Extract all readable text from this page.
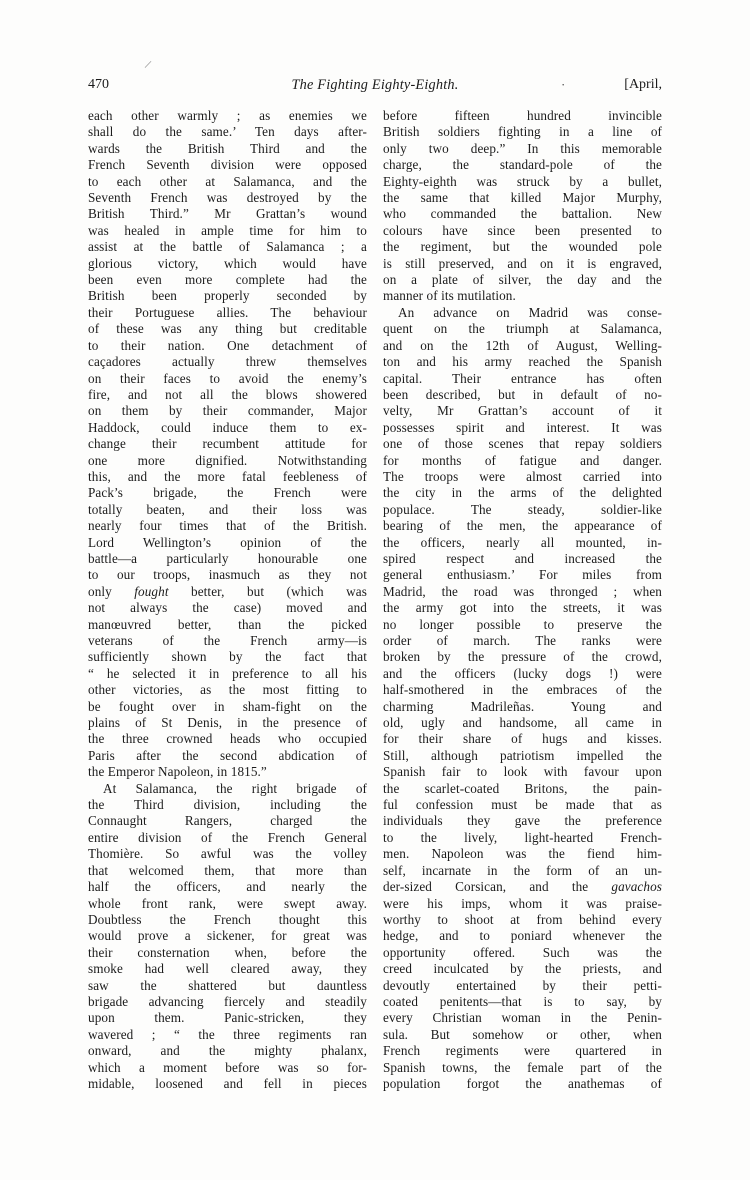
⁄
·
470	The Fighting Eighty-Eighth.	[April,
each other warmly ; as enemies we
shall do the same.’ Ten days after-
wards the British Third and the
French Seventh division were opposed
to each other at Salamanca, and the
Seventh French was destroyed by the
British Third.” Mr Grattan’s wound
was healed in ample time for him to
assist at the battle of Salamanca ; a
glorious victory, which would have
been even more complete had the
British been properly seconded by
their Portuguese allies. The behaviour
of these was any thing but creditable
to their nation. One detachment of
caçadores actually threw themselves
on their faces to avoid the enemy’s
fire, and not all the blows showered
on them by their commander, Major
Haddock, could induce them to ex-
change their recumbent attitude for
one more dignified. Notwithstanding
this, and the more fatal feebleness of
Pack’s brigade, the French were
totally beaten, and their loss was
nearly four times that of the British.
Lord Wellington’s opinion of the
battle—a particularly honourable one
to our troops, inasmuch as they not
only fought better, but (which was
not always the case) moved and
manœuvred better, than the picked
veterans of the French army—is
sufficiently shown by the fact that
“ he selected it in preference to all his
other victories, as the most fitting to
be fought over in sham-fight on the
plains of St Denis, in the presence of
the three crowned heads who occupied
Paris after the second abdication of
the Emperor Napoleon, in 1815.”
At Salamanca, the right brigade of
the Third division, including the
Connaught Rangers, charged the
entire division of the French General
Thomière. So awful was the volley
that welcomed them, that more than
half the officers, and nearly the
whole front rank, were swept away.
Doubtless the French thought this
would prove a sickener, for great was
their consternation when, before the
smoke had well cleared away, they
saw the shattered but dauntless
brigade advancing fiercely and steadily
upon them. Panic-stricken, they
wavered ; “ the three regiments ran
onward, and the mighty phalanx,
which a moment before was so for-
midable, loosened and fell in pieces
before fifteen hundred invincible
British soldiers fighting in a line of
only two deep.” In this memorable
charge, the standard-pole of the
Eighty-eighth was struck by a bullet,
the same that killed Major Murphy,
who commanded the battalion. New
colours have since been presented to
the regiment, but the wounded pole
is still preserved, and on it is engraved,
on a plate of silver, the day and the
manner of its mutilation.
An advance on Madrid was conse-
quent on the triumph at Salamanca,
and on the 12th of August, Welling-
ton and his army reached the Spanish
capital. Their entrance has often
been described, but in default of no-
velty, Mr Grattan’s account of it
possesses spirit and interest. It was
one of those scenes that repay soldiers
for months of fatigue and danger.
The troops were almost carried into
the city in the arms of the delighted
populace. The steady, soldier-like
bearing of the men, the appearance of
the officers, nearly all mounted, in-
spired respect and increased the
general enthusiasm.’ For miles from
Madrid, the road was thronged ; when
the army got into the streets, it was
no longer possible to preserve the
order of march. The ranks were
broken by the pressure of the crowd,
and the officers (lucky dogs !) were
half-smothered in the embraces of the
charming Madrileñas. Young and
old, ugly and handsome, all came in
for their share of hugs and kisses.
Still, although patriotism impelled the
Spanish fair to look with favour upon
the scarlet-coated Britons, the pain-
ful confession must be made that as
individuals they gave the preference
to the lively, light-hearted French-
men. Napoleon was the fiend him-
self, incarnate in the form of an un-
der-sized Corsican, and the gavachos
were his imps, whom it was praise-
worthy to shoot at from behind every
hedge, and to poniard whenever the
opportunity offered. Such was the
creed inculcated by the priests, and
devoutly entertained by their petti-
coated penitents—that is to say, by
every Christian woman in the Penin-
sula. But somehow or other, when
French regiments were quartered in
Spanish towns, the female part of the
population forgot the anathemas of
